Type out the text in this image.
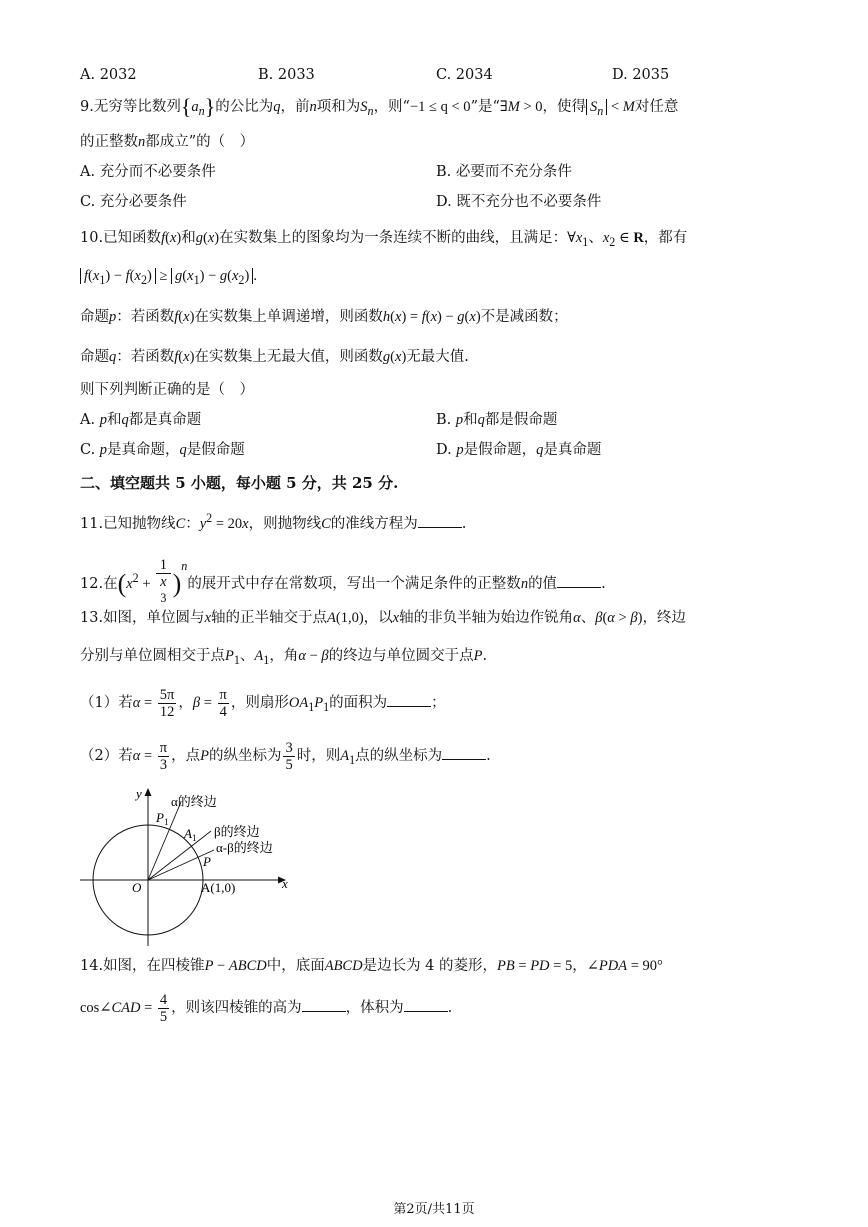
A. 2032	B. 2033	C. 2034	D. 2035
9.无穷等比数列$\{a_n\}$的公比为q，前n项和为$S_n$，则“−1 ≤ q < 0”是“∃M > 0，使得 $S_n < M$对任意
的正整数n都成立”的（　）
A. 充分而不必要条件	B. 必要而不充分条件
C. 充分必要条件	D. 既不充分也不必要条件
10.已知函数f(x)和g(x)在实数集上的图象均为一条连续不断的曲线，且满足：$\forall x_1$、$x_2$ ∈ R，都有
$f(x_1) - f(x_2) \ge g(x_1) - g(x_2)$ .
命题p：若函数f(x)在实数集上单调递增，则函数h(x) = f(x) − g(x)不是减函数；
命题q：若函数f(x)在实数集上无最大值，则函数g(x)无最大值.
则下列判断正确的是（　）
A. p和q都是真命题	B. p和q都是假命题
C. p是真命题，q是假命题	D. p是假命题，q是真命题
二、填空题共 5 小题，每小题 5 分，共 25 分.
11.已知抛物线C：$y^2 = 20x$，则抛物线C的准线方程为	.
12.在($x^2 + 1$
x
$^3$ )$^n$的展开式中存在常数项，写出一个满足条件的正整数n的值	.
13.如图，单位圆与x轴的正半轴交于点A(1,0)，以x轴的非负半轴为始边作锐角α、β(α > β)，终边
分别与单位圆相交于点$P_1$、$A_1$，角α − β的终边与单位圆交于点P.
（1）若$\alpha = \frac{5\pi}{12}$ ，$\beta = \frac{\pi}{4}$ ，则扇形$OA_1P_1$的面积为	；
（2）若$\alpha = \frac{\pi}{3}$ ，点P的纵坐标为 $\frac{3}{5}$ 时，则$A_1$点的纵坐标为	.
y
x
O
α的终边
β的终边
α-β的终边
$P_1$
$A_1$
P
A(1,0)
14.如图，在四棱锥P − ABCD中，底面ABCD是边长为 4 的菱形，PB = PD = 5，∠PDA = 90°
cos∠CAD = $\frac{4}{5}$ ，则该四棱锥的高为	，体积为	.
第2页/共11页
